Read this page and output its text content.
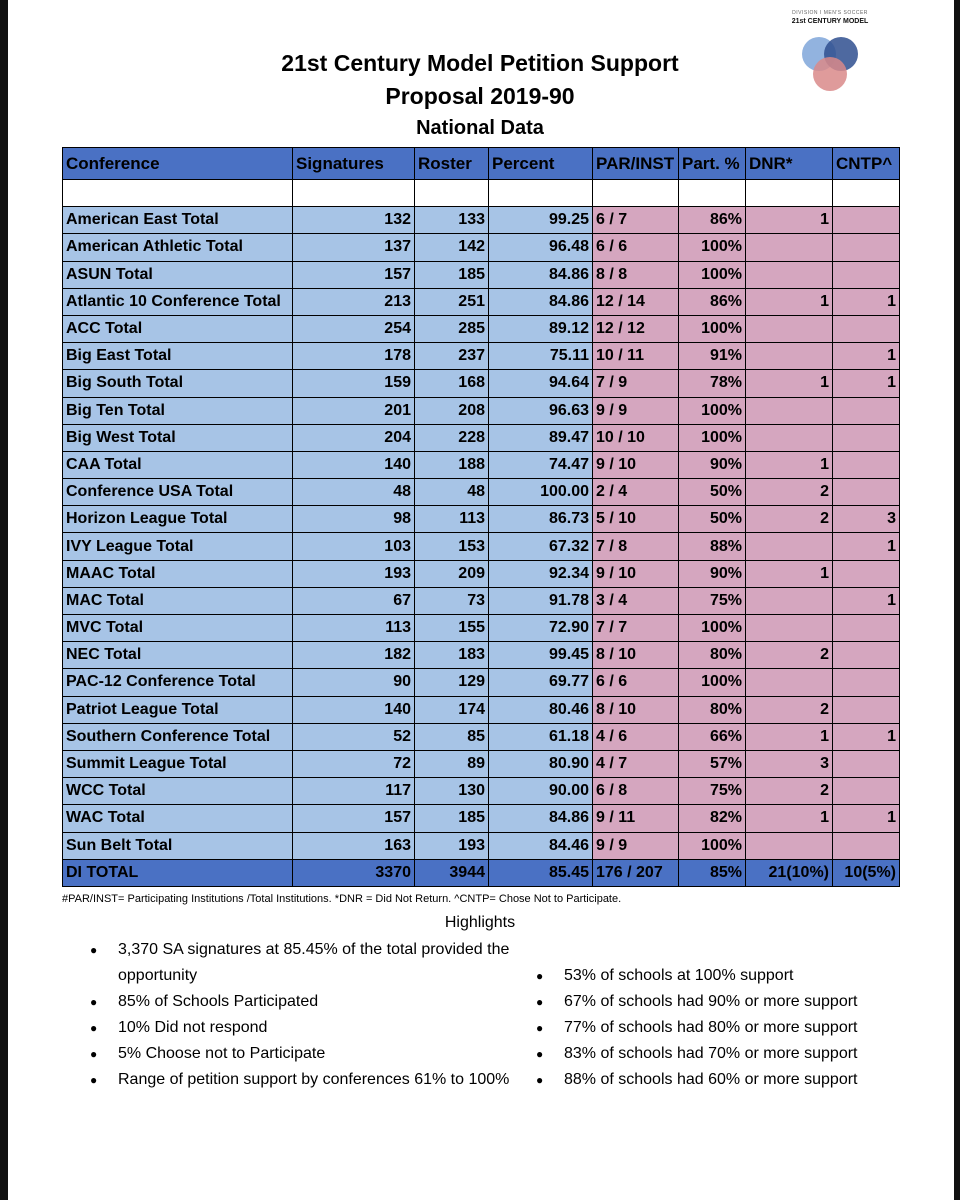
DIVISION I MEN'S SOCCER
21st CENTURY MODEL
21st Century Model Petition Support
Proposal 2019-90
National Data
Conference	Signatures	Roster	Percent	PAR/INST	Part. %	DNR*	CNTP^

American East Total	132	133	99.25	6 / 7	86%	1	
American Athletic Total	137	142	96.48	6 / 6	100%		
ASUN Total	157	185	84.86	8 / 8	100%		
Atlantic 10 Conference Total	213	251	84.86	12 / 14	86%	1	1
ACC Total	254	285	89.12	12 / 12	100%		
Big East Total	178	237	75.11	10 / 11	91%		1
Big South Total	159	168	94.64	7 / 9	78%	1	1
Big Ten Total	201	208	96.63	9 / 9	100%		
Big West Total	204	228	89.47	10 / 10	100%		
CAA Total	140	188	74.47	9 / 10	90%	1	
Conference USA Total	48	48	100.00	2 / 4	50%	2	
Horizon League Total	98	113	86.73	5 / 10	50%	2	3
IVY League Total	103	153	67.32	7 / 8	88%		1
MAAC Total	193	209	92.34	9 / 10	90%	1	
MAC Total	67	73	91.78	3 / 4	75%		1
MVC Total	113	155	72.90	7 / 7	100%		
NEC Total	182	183	99.45	8 / 10	80%	2	
PAC-12 Conference Total	90	129	69.77	6 / 6	100%		
Patriot League Total	140	174	80.46	8 / 10	80%	2	
Southern Conference Total	52	85	61.18	4 / 6	66%	1	1
Summit League Total	72	89	80.90	4 / 7	57%	3	
WCC Total	117	130	90.00	6 / 8	75%	2	
WAC Total	157	185	84.86	9 / 11	82%	1	1
Sun Belt Total	163	193	84.46	9 / 9	100%		
DI TOTAL	3370	3944	85.45	176 / 207	85%	21(10%)	10(5%)
#PAR/INST= Participating Institutions /Total Institutions. *DNR = Did Not Return. ^CNTP= Chose Not to Participate.
Highlights
● 3,370 SA signatures at 85.45% of the total provided the opportunity
● 85% of Schools Participated
● 10% Did not respond
● 5% Choose not to Participate
● Range of petition support by conferences 61% to 100%
● 53% of schools at 100% support
● 67% of schools had 90% or more support
● 77% of schools had 80% or more support
● 83% of schools had 70% or more support
● 88% of schools had 60% or more support
